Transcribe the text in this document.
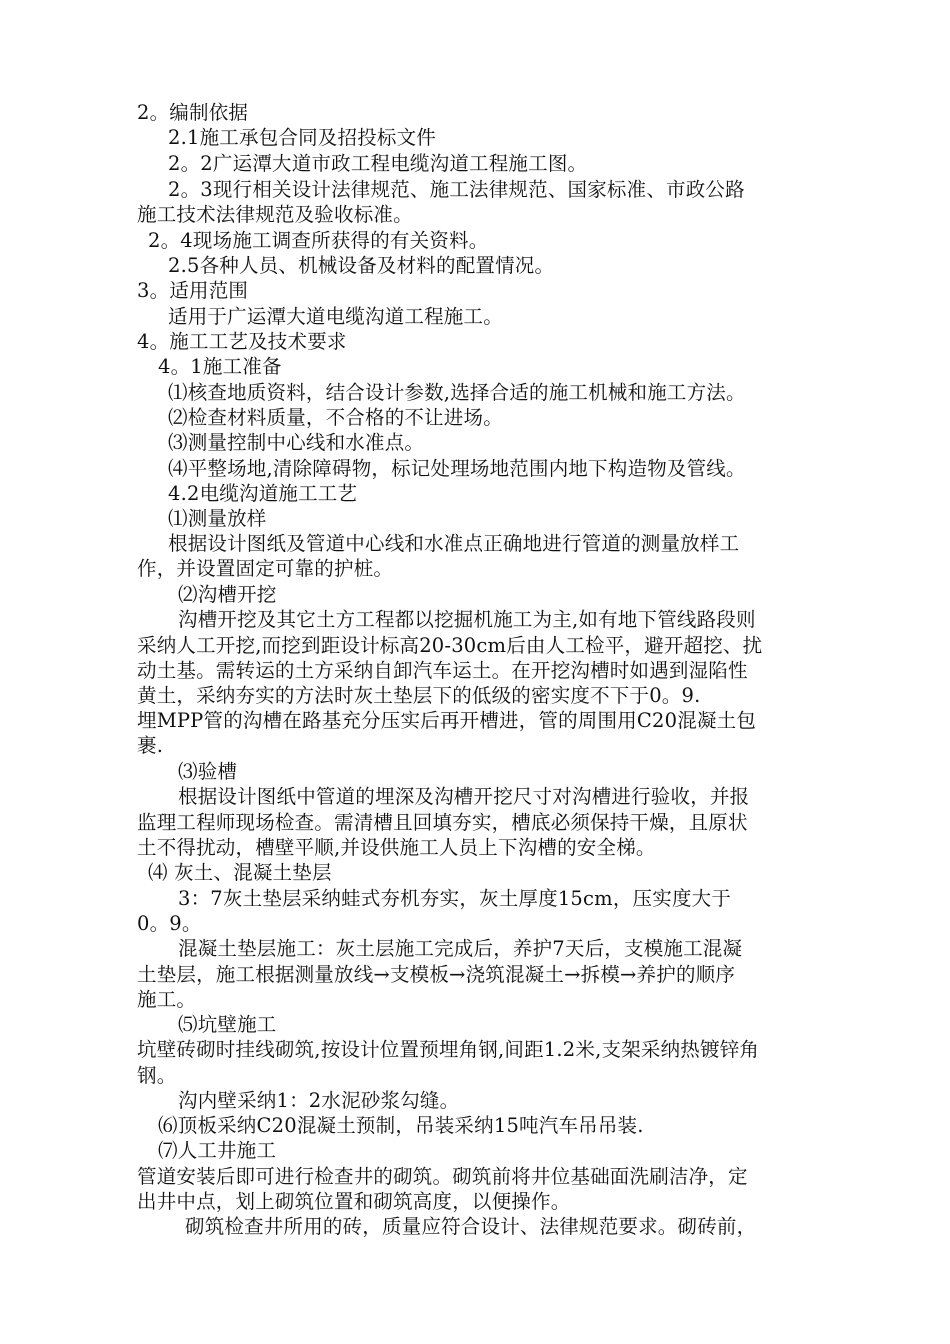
2。编制依据
2.1施工承包合同及招投标文件
2。2广运潭大道市政工程电缆沟道工程施工图。
2。3现行相关设计法律规范、施工法律规范、国家标准、市政公路
施工技术法律规范及验收标准。
2。4现场施工调查所获得的有关资料。
2.5各种人员、机械设备及材料的配置情况。
3。适用范围
适用于广运潭大道电缆沟道工程施工。
4。施工工艺及技术要求
4。1施工准备
⑴核查地质资料，结合设计参数,选择合适的施工机械和施工方法。
⑵检查材料质量，不合格的不让进场。
⑶测量控制中心线和水准点。
⑷平整场地,清除障碍物，标记处理场地范围内地下构造物及管线。
4.2电缆沟道施工工艺
⑴测量放样
根据设计图纸及管道中心线和水准点正确地进行管道的测量放样工
作，并设置固定可靠的护桩。
⑵沟槽开挖
沟槽开挖及其它土方工程都以挖掘机施工为主,如有地下管线路段则
采纳人工开挖,而挖到距设计标高20-30cm后由人工检平，避开超挖、扰
动土基。需转运的土方采纳自卸汽车运土。在开挖沟槽时如遇到湿陷性
黄土，采纳夯实的方法时灰土垫层下的低级的密实度不下于0。9.
埋MPP管的沟槽在路基充分压实后再开槽进，管的周围用C20混凝土包
裹.
⑶验槽
根据设计图纸中管道的埋深及沟槽开挖尺寸对沟槽进行验收，并报
监理工程师现场检查。需清槽且回填夯实，槽底必须保持干燥，且原状
土不得扰动，槽壁平顺,并设供施工人员上下沟槽的安全梯。
⑷ 灰土、混凝土垫层
3：7灰土垫层采纳蛙式夯机夯实，灰土厚度15cm，压实度大于
0。9。
混凝土垫层施工：灰土层施工完成后，养护7天后，支模施工混凝
土垫层，施工根据测量放线→支模板→浇筑混凝土→拆模→养护的顺序
施工。
⑸坑壁施工
坑壁砖砌时挂线砌筑,按设计位置预埋角钢,间距1.2米,支架采纳热镀锌角
钢。
沟内壁采纳1：2水泥砂浆勾缝。
⑹顶板采纳C20混凝土预制，吊装采纳15吨汽车吊吊装.
⑺人工井施工
管道安装后即可进行检查井的砌筑。砌筑前将井位基础面洗刷洁净，定
出井中点，划上砌筑位置和砌筑高度，以便操作。
砌筑检查井所用的砖，质量应符合设计、法律规范要求。砌砖前，
